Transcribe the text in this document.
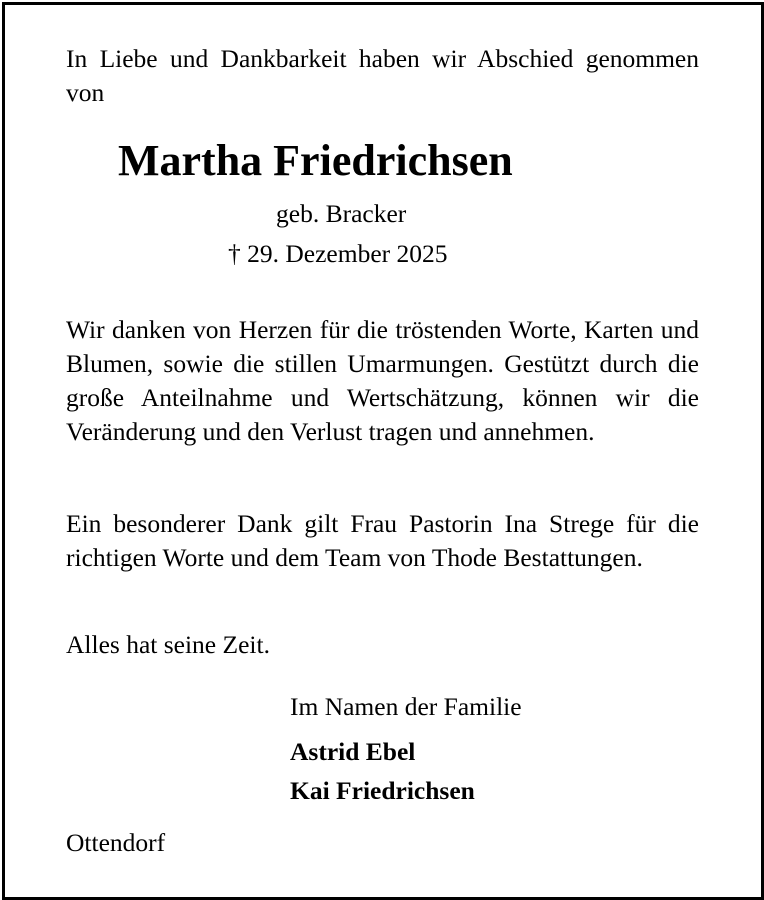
In Liebe und Dankbarkeit haben wir Abschied genommen von

Martha Friedrichsen

geb. Bracker

† 29. Dezember 2025

Wir danken von Herzen für die tröstenden Worte, Karten und Blumen, sowie die stillen Umarmungen. Gestützt durch die große Anteilnahme und Wertschätzung, können wir die Veränderung und den Verlust tragen und annehmen.

Ein besonderer Dank gilt Frau Pastorin Ina Strege für die richtigen Worte und dem Team von Thode Bestattungen.

Alles hat seine Zeit.

Im Namen der Familie

Astrid Ebel

Kai Friedrichsen

Ottendorf
